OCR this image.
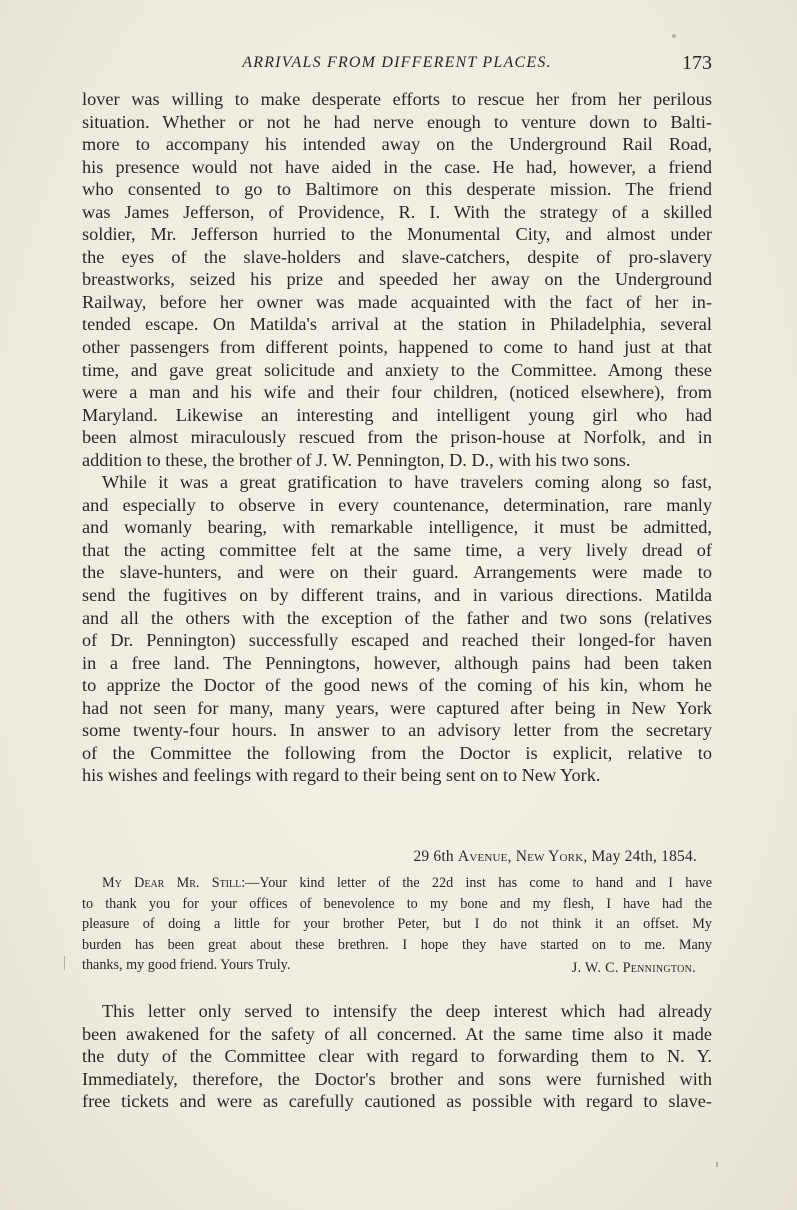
ARRIVALS FROM DIFFERENT PLACES.	173
lover was willing to make desperate efforts to rescue her from her perilous
situation. Whether or not he had nerve enough to venture down to Balti-
more to accompany his intended away on the Underground Rail Road,
his presence would not have aided in the case. He had, however, a friend
who consented to go to Baltimore on this desperate mission. The friend
was James Jefferson, of Providence, R. I. With the strategy of a skilled
soldier, Mr. Jefferson hurried to the Monumental City, and almost under
the eyes of the slave-holders and slave-catchers, despite of pro-slavery
breastworks, seized his prize and speeded her away on the Underground
Railway, before her owner was made acquainted with the fact of her in-
tended escape. On Matilda's arrival at the station in Philadelphia, several
other passengers from different points, happened to come to hand just at that
time, and gave great solicitude and anxiety to the Committee. Among these
were a man and his wife and their four children, (noticed elsewhere), from
Maryland. Likewise an interesting and intelligent young girl who had
been almost miraculously rescued from the prison-house at Norfolk, and in
addition to these, the brother of J. W. Pennington, D. D., with his two sons.
While it was a great gratification to have travelers coming along so fast,
and especially to observe in every countenance, determination, rare manly
and womanly bearing, with remarkable intelligence, it must be admitted,
that the acting committee felt at the same time, a very lively dread of
the slave-hunters, and were on their guard. Arrangements were made to
send the fugitives on by different trains, and in various directions. Matilda
and all the others with the exception of the father and two sons (relatives
of Dr. Pennington) successfully escaped and reached their longed-for haven
in a free land. The Penningtons, however, although pains had been taken
to apprize the Doctor of the good news of the coming of his kin, whom he
had not seen for many, many years, were captured after being in New York
some twenty-four hours. In answer to an advisory letter from the secretary
of the Committee the following from the Doctor is explicit, relative to
his wishes and feelings with regard to their being sent on to New York.
29 6th Avenue, New York, May 24th, 1854.
My Dear Mr. Still:—Your kind letter of the 22d inst has come to hand and I have
to thank you for your offices of benevolence to my bone and my flesh, I have had the
pleasure of doing a little for your brother Peter, but I do not think it an offset. My
burden has been great about these brethren. I hope they have started on to me. Many
thanks, my good friend. Yours Truly.	J. W. C. Pennington.
This letter only served to intensify the deep interest which had already
been awakened for the safety of all concerned. At the same time also it made
the duty of the Committee clear with regard to forwarding them to N. Y.
Immediately, therefore, the Doctor's brother and sons were furnished with
free tickets and were as carefully cautioned as possible with regard to slave-
